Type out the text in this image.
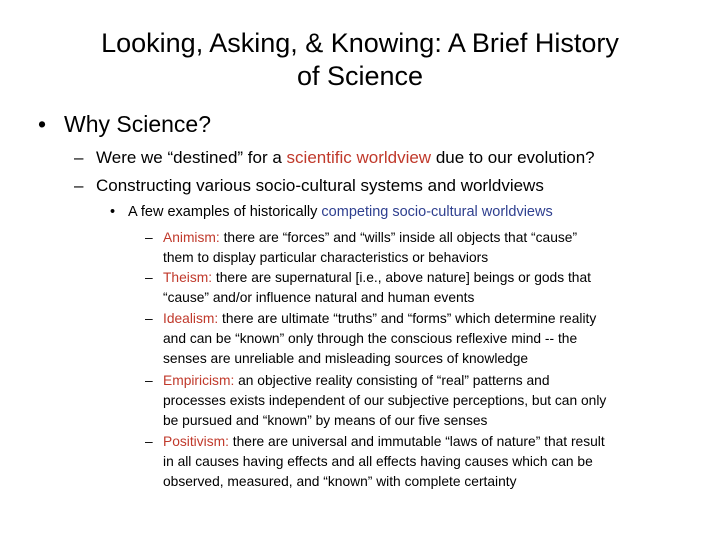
Looking, Asking, & Knowing: A Brief History
of Science
• Why Science?
– Were we “destined” for a scientific worldview due to our evolution?
– Constructing various socio-cultural systems and worldviews
• A few examples of historically competing socio-cultural worldviews
– Animism: there are “forces” and “wills” inside all objects that “cause”
them to display particular characteristics or behaviors
– Theism: there are supernatural [i.e., above nature] beings or gods that
“cause” and/or influence natural and human events
– Idealism: there are ultimate “truths” and “forms” which determine reality
and can be “known” only through the conscious reflexive mind -- the
senses are unreliable and misleading sources of knowledge
– Empiricism: an objective reality consisting of “real” patterns and
processes exists independent of our subjective perceptions, but can only
be pursued and “known” by means of our five senses
– Positivism: there are universal and immutable “laws of nature” that result
in all causes having effects and all effects having causes which can be
observed, measured, and “known” with complete certainty
